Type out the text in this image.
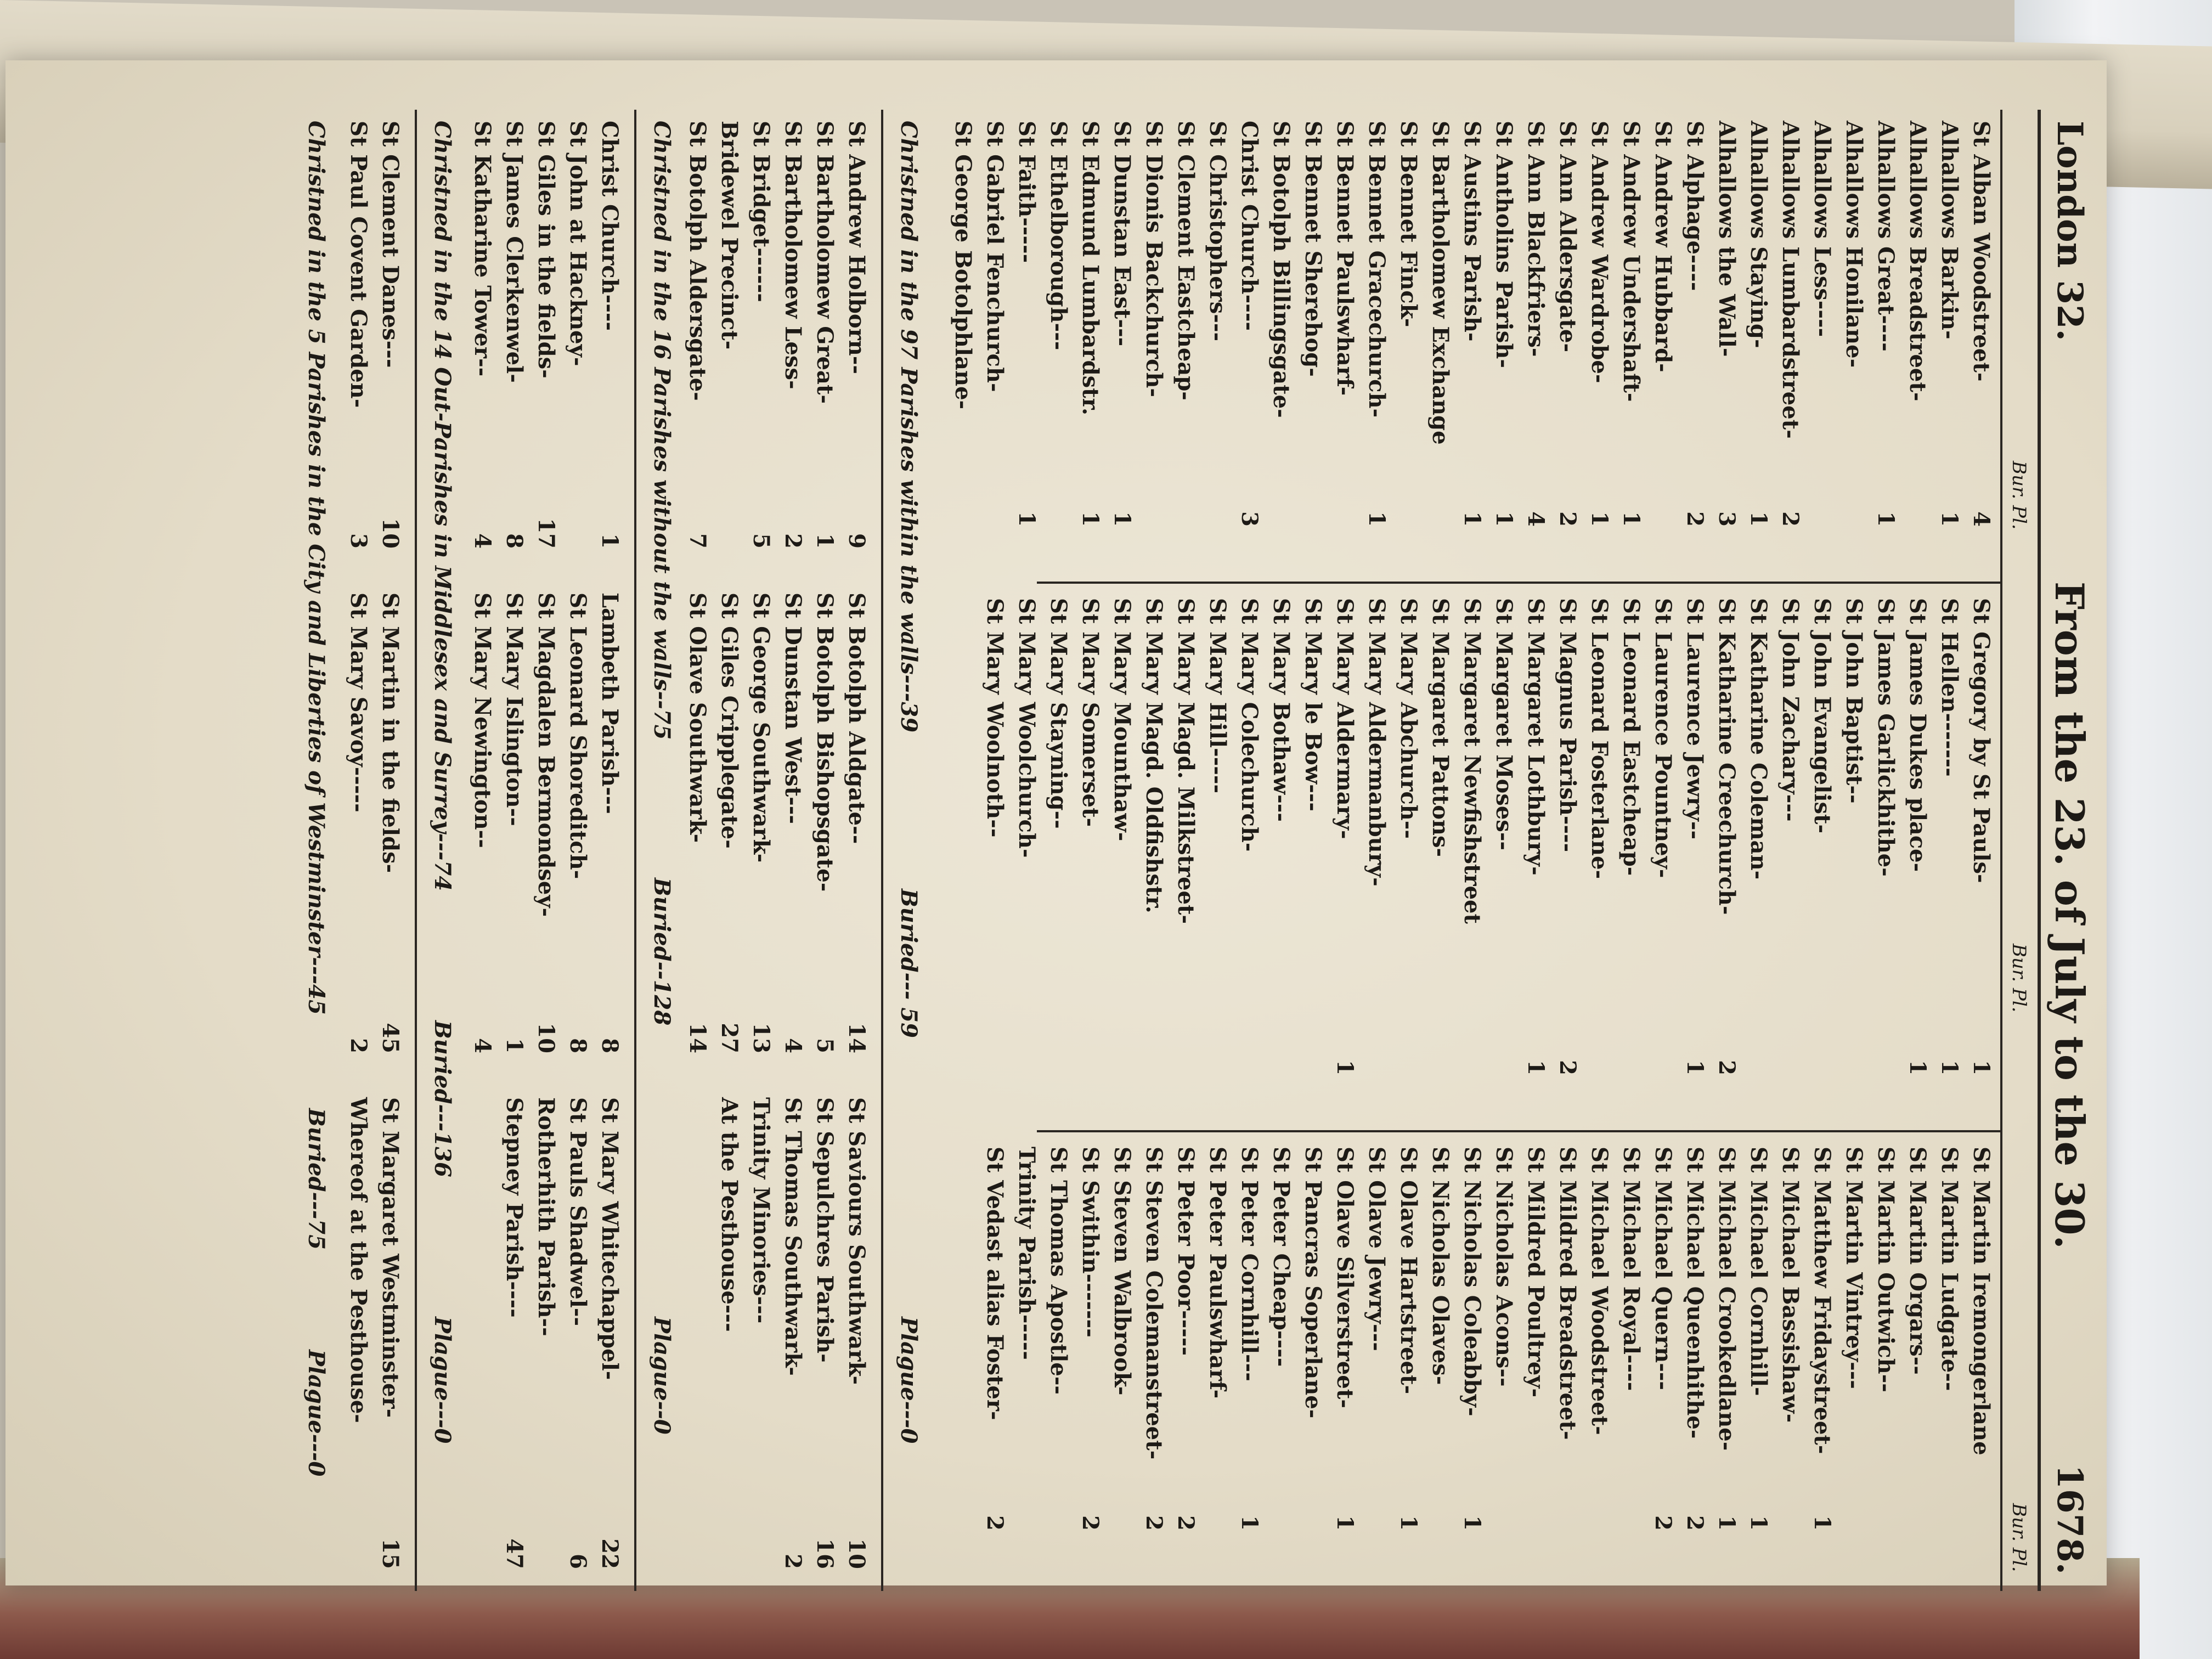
London 32.
From the 23. of July to the 30.
1678.
Bur. Pl.
Bur. Pl.
Bur. Pl.
St Alban Woodstreet-
4
Alhallows Barkin-
1
Alhallows Breadstreet-
Alhallows Great----
1
Alhallows Honilane-
Alhallows Less----
Alhallows Lumbardstreet-
2
Alhallows Staying-
1
Alhallows the Wall-
3
St Alphage----
2
St Andrew Hubbard-
St Andrew Undershaft-
1
St Andrew Wardrobe-
1
St Ann Aldersgate-
2
St Ann Blackfriers-
4
St Antholins Parish-
1
St Austins Parish-
1
St Bartholomew Exchange
St Bennet Finck-
St Bennet Gracechurch-
1
St Bennet Paulswharf-
St Bennet Sherehog-
St Botolph Billingsgate-
Christ Church----
3
St Christophers---
St Clement Eastcheap-
St Dionis Backchurch-
St Dunstan East---
1
St Edmund Lumbardstr.
1
St Ethelborough---
St Faith-----
1
St Gabriel Fenchurch-
St George Botolphlane-
St Gregory by St Pauls-
1
St Hellen-------
1
St James Dukes place-
1
St James Garlickhithe-
St John Baptist--
St John Evangelist-
St John Zachary---
St Katharine Coleman-
St Katharine Creechurch-
2
St Laurence Jewry--
1
St Laurence Pountney-
St Leonard Eastcheap-
St Leonard Fosterlane-
St Magnus Parish----
2
St Margaret Lothbury-
1
St Margaret Moses--
St Margaret Newfishstreet
St Margaret Pattons-
St Mary Abchurch--
St Mary Aldermanbury-
St Mary Aldermary-
1
St Mary le Bow---
St Mary Bothaw---
St Mary Colechurch-
St Mary Hill-----
St Mary Magd. Milkstreet-
St Mary Magd. Oldfishstr.
St Mary Mounthaw-
St Mary Somerset-
St Mary Stayning--
St Mary Woolchurch-
St Mary Woolnoth--
St Martin Iremongerlane
St Martin Ludgate--
St Martin Orgars--
St Martin Outwich--
St Martin Vintrey---
St Matthew Fridaystreet-
1
St Michael Bassishaw-
St Michael Cornhill-
1
St Michael Crookedlane-
1
St Michael Queenhithe-
2
St Michael Quern---
2
St Michael Royal----
St Michael Woodstreet-
St Mildred Breadstreet-
St Mildred Poultrey-
St Nicholas Acons--
St Nicholas Coleabby-
1
St Nicholas Olaves-
St Olave Hartstreet-
1
St Olave Jewry---
St Olave Silverstreet-
1
St Pancras Soperlane-
St Peter Cheap----
St Peter Cornhill---
1
St Peter Paulswharf-
St Peter Poor-----
2
St Steven Colemanstreet-
2
St Steven Walbrook-
St Swithin-------
2
St Thomas Apostle--
Trinity Parish-----
St Vedast alias Foster-
2
Christned in the 97 Parishes within the walls---39
Buried--- 59
Plague---0
St Andrew Holborn--
9
St Bartholomew Great-
1
St Bartholomew Less-
2
St Bridget------
5
Bridewel Precinct-
St Botolph Aldersgate-
7
St Botolph Aldgate--
14
St Botolph Bishopsgate-
5
St Dunstan West---
4
St George Southwark-
13
St Giles Cripplegate-
27
St Olave Southwark-
14
St Saviours Southwark-
10
St Sepulchres Parish-
16
St Thomas Southwark-
2
Trinity Minories---
At the Pesthouse---
Christned in the 16 Parishes without the walls--75
Buried--128
Plague--0
Christ Church----
1
St John at Hackney-
St Giles in the fields-
17
St James Clerkenwel-
8
St Katharine Tower--
4
Lambeth Parish---
8
St Leonard Shoreditch-
8
St Magdalen Bermondsey-
10
St Mary Islington--
1
St Mary Newington--
4
St Mary Whitechappel-
22
St Pauls Shadwel--
6
Rotherhith Parish--
Stepney Parish----
47
Christned in the 14 Out-Parishes in Middlesex and Surrey---74
Buried---136
Plague---0
St Clement Danes---
10
St Paul Covent Garden-
3
St Martin in the fields-
45
St Mary Savoy-----
2
St Margaret Westminster-
15
Whereof at the Pesthouse-
Christned in the 5 Parishes in the City and Liberties of Westminster---45
Buried---75
Plague---0
